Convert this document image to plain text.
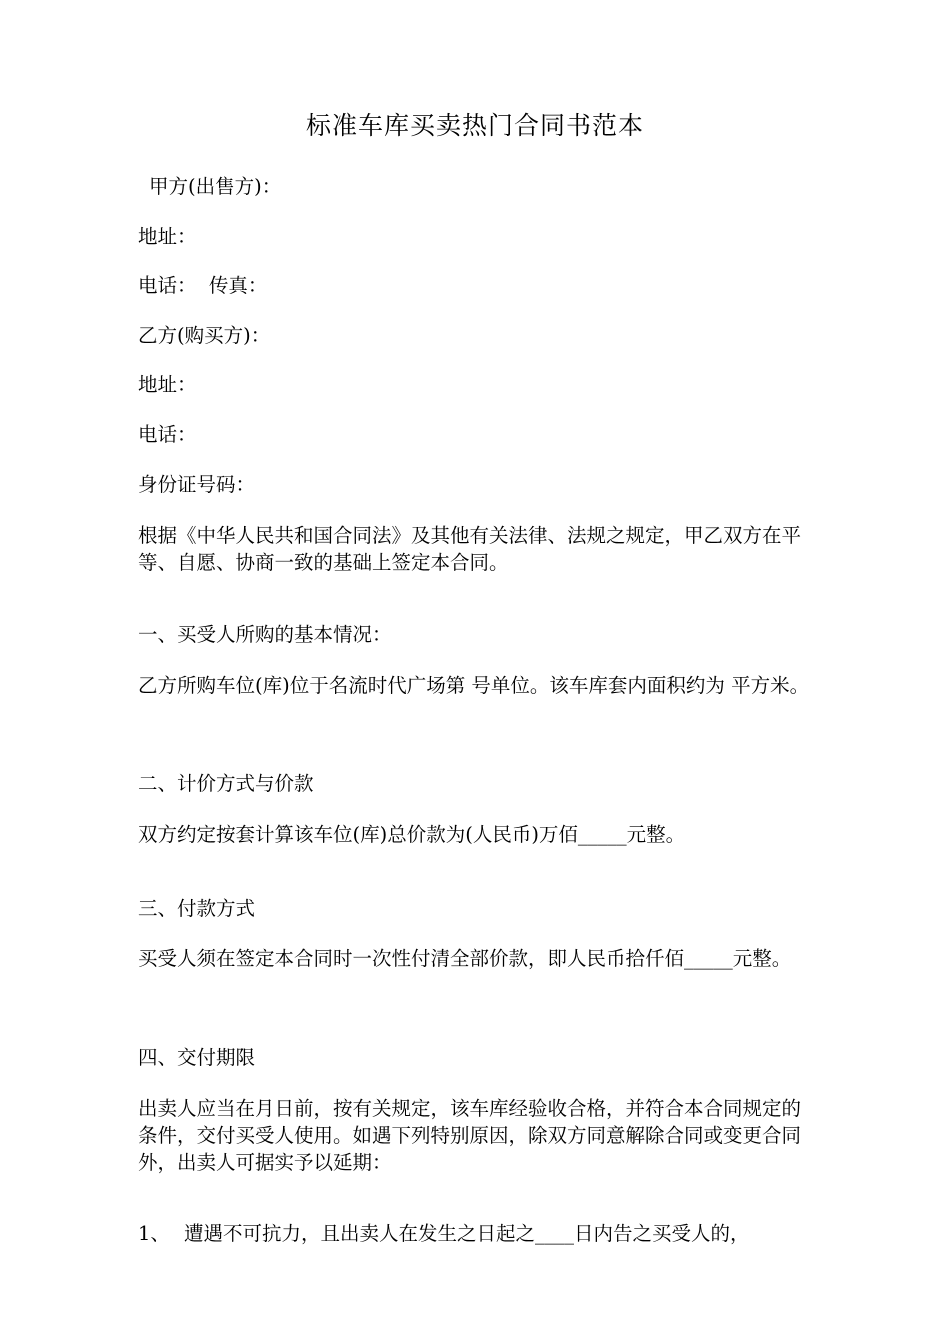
标准车库买卖热门合同书范本
甲方(出售方)：
地址：
电话：  传真：
乙方(购买方)：
地址：
电话：
身份证号码：
根据《中华人民共和国合同法》及其他有关法律、法规之规定，甲乙双方在平等、自愿、协商一致的基础上签定本合同。
一、买受人所购的基本情况：
乙方所购车位(库)位于名流时代广场第 号单位。该车库套内面积约为 平方米。
二、计价方式与价款
双方约定按套计算该车位(库)总价款为(人民币)万佰_____元整。
三、付款方式
买受人须在签定本合同时一次性付清全部价款，即人民币拾仟佰_____元整。
四、交付期限
出卖人应当在月日前，按有关规定，该车库经验收合格，并符合本合同规定的条件，交付买受人使用。如遇下列特别原因，除双方同意解除合同或变更合同外，出卖人可据实予以延期：
1、 遭遇不可抗力，且出卖人在发生之日起之____日内告之买受人的，
